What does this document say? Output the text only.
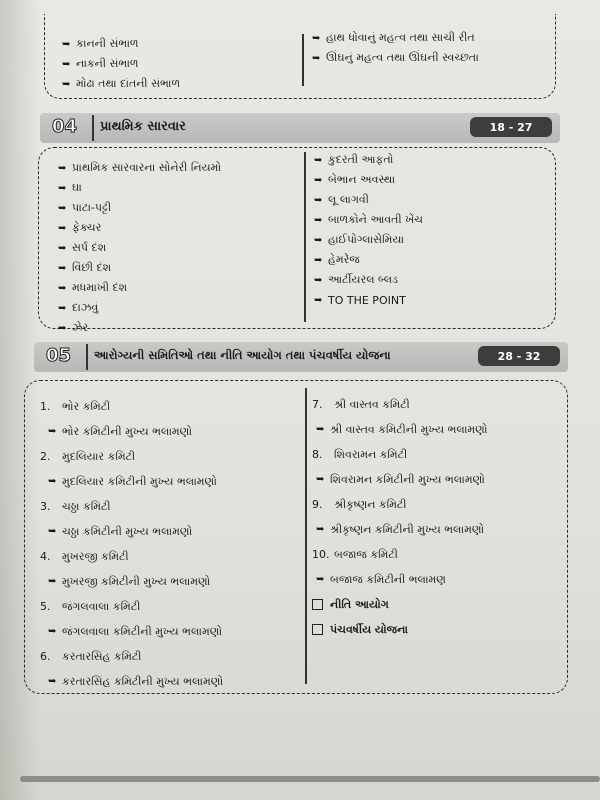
➥ કાનની સંભાળ
➥ નાકની સંભાળ
➥ મોઢા તથા દાંતની સંભાળ
➥ હાથ ધોવાનું મહત્વ તથા સાચી રીત
➥ ઊંઘનું મહત્વ તથા ઊંઘની સ્વચ્છતા
04 પ્રાથમિક સારવાર	18 - 27
➥ પ્રાથમિક સારવારના સોનેરી નિયમો
➥ ઘા
➥ પાટા-પટ્ટી
➥ ફેક્ચર
➥ સર્પ દંશ
➥ વિંછી દંશ
➥ મધમાખી દંશ
➥ દાઝવું
➥ ઝેર
➥ કુદરતી આફતો
➥ બેભાન અવસ્થા
➥ લૂ લાગવી
➥ બાળકોને આવતી ખેંચ
➥ હાઈપોગ્લાસેમિયા
➥ હેમરેજ
➥ આર્ટીયરલ બ્લડ
➥ TO THE POINT
05 આરોગ્યની સમિતિઓ તથા નીતિ આયોગ તથા પંચવર્ષીય યોજના	28 - 32
1.	ભોર કમિટી
➥ ભોર કમિટીની મુખ્ય ભલામણો
2.	મુદલિયાર કમિટી
➥ મુદલિયાર કમિટીની મુખ્ય ભલામણો
3.	ચઠ્ઠા કમિટી
➥ ચઠ્ઠા કમિટીની મુખ્ય ભલામણો
4.	મુખરજી કમિટી
➥ મુખરજી કમિટીની મુખ્ય ભલામણો
5.	જંગલવાલા કમિટી
➥ જંગલવાલા કમિટીની મુખ્ય ભલામણો
6.	કરતારસિંહ કમિટી
➥ કરતારસિંહ કમિટીની મુખ્ય ભલામણો
7.	શ્રી વાસ્તવ કમિટી
➥ શ્રી વાસ્તવ કમિટીની મુખ્ય ભલામણો
8.	શિવરામન કમિટી
➥ શિવરામન કમિટીની મુખ્ય ભલામણો
9.	શ્રીકૃષ્ણન કમિટી
➥ શ્રીકૃષ્ણન કમિટીની મુખ્ય ભલામણો
10. બજાજ કમિટી
➥ બજાજ કમિટીની ભલામણ
નીતિ આયોગ
પંચવર્ષીય યોજના
